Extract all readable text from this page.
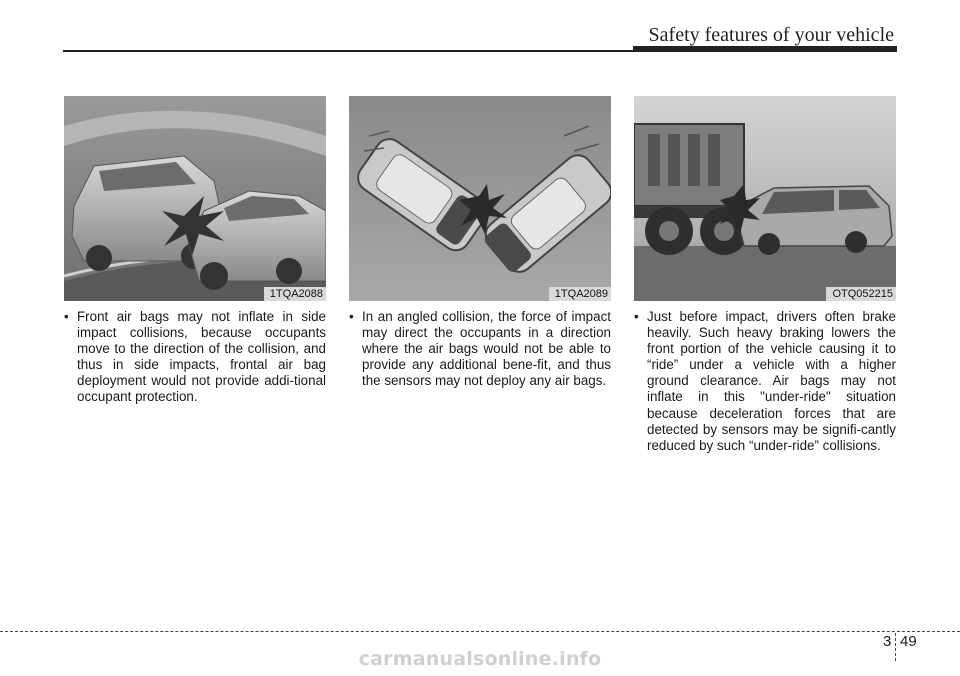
Safety features of your vehicle
1TQA2088
• Front air bags may not inflate in side impact collisions, because occupants move to the direction of the collision, and thus in side impacts, frontal air bag deployment would not provide addi-tional occupant protection.
1TQA2089
• In an angled collision, the force of impact may direct the occupants in a direction where the air bags would not be able to provide any additional bene-fit, and thus the sensors may not deploy any air bags.
OTQ052215
• Just before impact, drivers often brake heavily. Such heavy braking lowers the front portion of the vehicle causing it to “ride” under a vehicle with a higher ground clearance. Air bags may not inflate in this "under-ride" situation because deceleration forces that are detected by sensors may be signifi-cantly reduced by such “under-ride” collisions.
3 49
carmanualsonline.info
